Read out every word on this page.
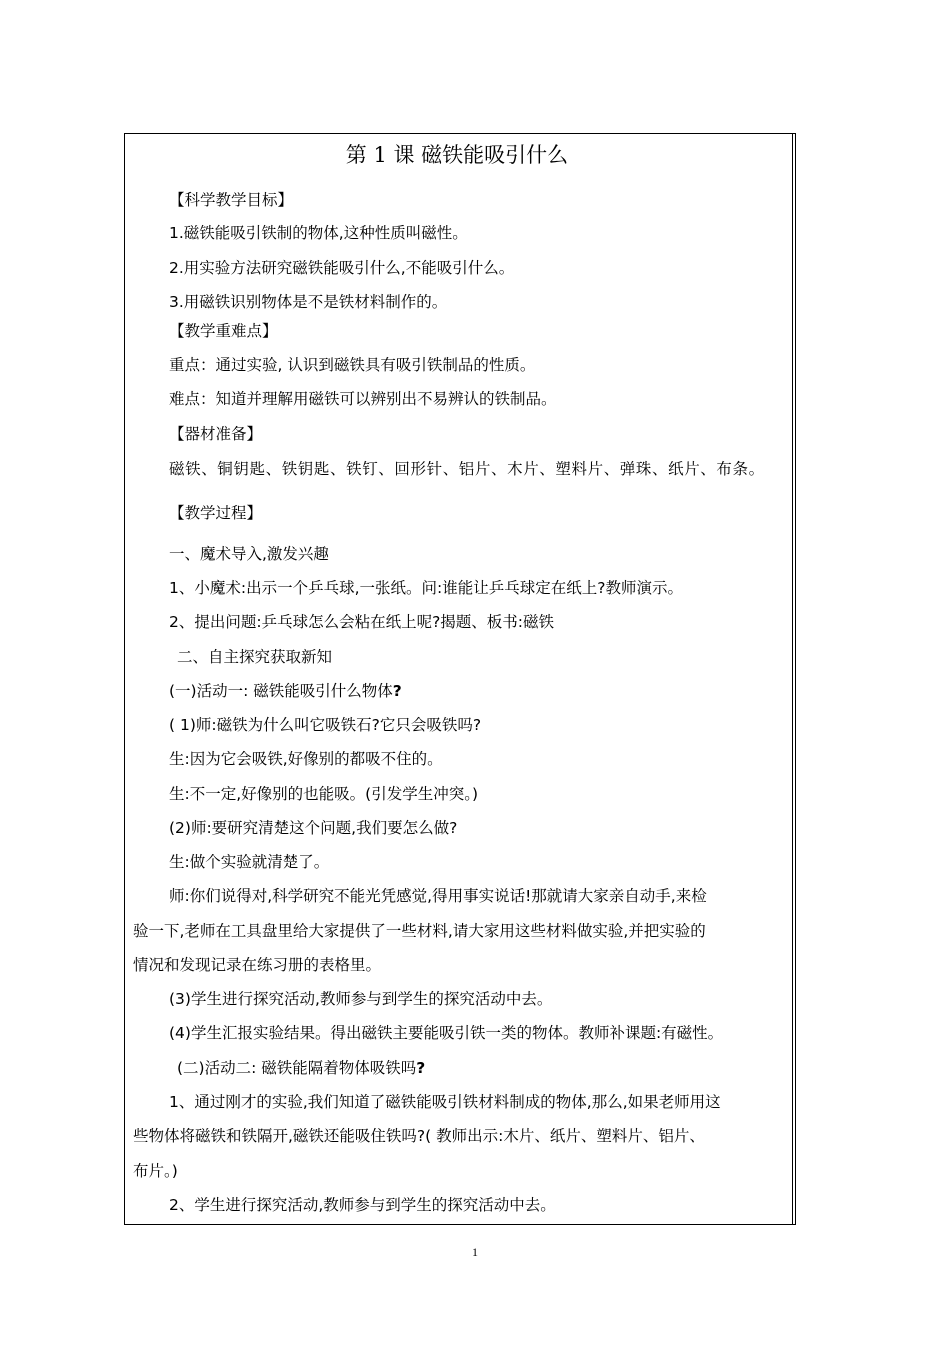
第 1 课 磁铁能吸引什么

【科学教学目标】

1.磁铁能吸引铁制的物体,这种性质叫磁性。

2.用实验方法研究磁铁能吸引什么,不能吸引什么。

3.用磁铁识别物体是不是铁材料制作的。

【教学重难点】

重点：通过实验, 认识到磁铁具有吸引铁制品的性质。

难点：知道并理解用磁铁可以辨别出不易辨认的铁制品。

【器材准备】

磁铁、铜钥匙、铁钥匙、铁钉、回形针、铝片、木片、塑料片、弹珠、纸片、布条。

【教学过程】

一、魔术导入,激发兴趣

1、小魔术:出示一个乒乓球,一张纸。问:谁能让乒乓球定在纸上?教师演示。

2、提出问题:乒乓球怎么会粘在纸上呢?揭题、板书:磁铁

二、自主探究获取新知

(一)活动一: 磁铁能吸引什么物体?

( 1)师:磁铁为什么叫它吸铁石?它只会吸铁吗?

生:因为它会吸铁,好像别的都吸不住的。

生:不一定,好像别的也能吸。(引发学生冲突。)

(2)师:要研究清楚这个问题,我们要怎么做?

生:做个实验就清楚了。

师:你们说得对,科学研究不能光凭感觉,得用事实说话!那就请大家亲自动手,来检

验一下,老师在工具盘里给大家提供了一些材料,请大家用这些材料做实验,并把实验的

情况和发现记录在练习册的表格里。

(3)学生进行探究活动,教师参与到学生的探究活动中去。

(4)学生汇报实验结果。得出磁铁主要能吸引铁一类的物体。教师补课题:有磁性。

(二)活动二: 磁铁能隔着物体吸铁吗?

1、通过刚才的实验,我们知道了磁铁能吸引铁材料制成的物体,那么,如果老师用这

些物体将磁铁和铁隔开,磁铁还能吸住铁吗?( 教师出示:木片、纸片、塑料片、铝片、

布片。)

2、学生进行探究活动,教师参与到学生的探究活动中去。

1
